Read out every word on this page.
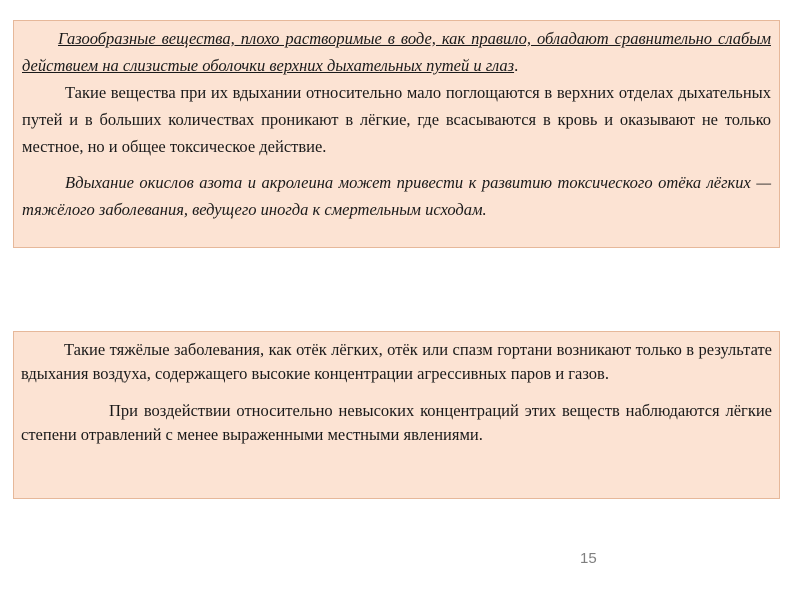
Газообразные вещества, плохо растворимые в воде, как правило, обладают сравнительно слабым действием на слизистые оболочки верхних дыхательных путей и глаз.

Такие вещества при их вдыхании относительно мало поглощаются в верхних отделах дыхательных путей и в больших количествах проникают в лёгкие, где всасываются в кровь и оказывают не только местное, но и общее токсическое действие.

Вдыхание окислов азота и акролеина может привести к развитию токсического отёка лёгких — тяжёлого заболевания, ведущего иногда к смертельным исходам.

Такие тяжёлые заболевания, как отёк лёгких, отёк или спазм гортани возникают только в результате вдыхания воздуха, содержащего высокие концентрации агрессивных паров и газов.

При воздействии относительно невысоких концентраций этих веществ наблюдаются лёгкие степени отравлений с менее выраженными местными явлениями.

15
